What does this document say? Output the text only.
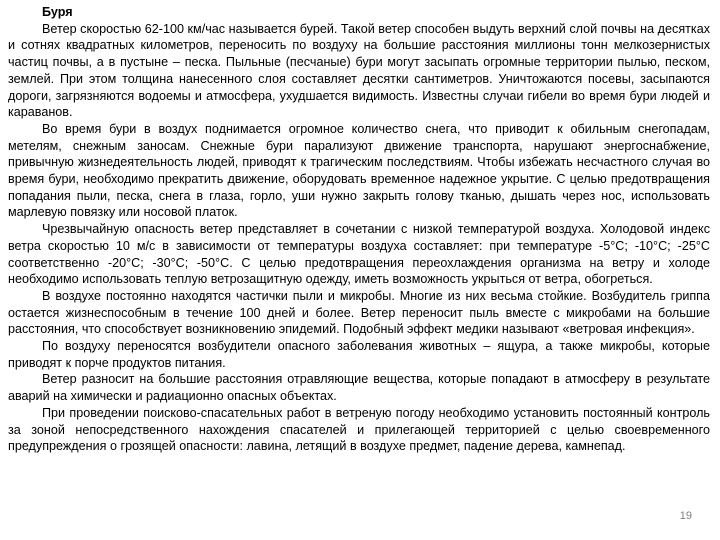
Буря

Ветер скоростью 62-100 км/час называется бурей. Такой ветер способен выдуть верхний слой почвы на десятках и сотнях квадратных километров, переносить по воздуху на большие расстояния миллионы тонн мелкозернистых частиц почвы, а в пустыне – песка. Пыльные (песчаные) бури могут засыпать огромные территории пылью, песком, землей. При этом толщина нанесенного слоя составляет десятки сантиметров. Уничтожаются посевы, засыпаются дороги, загрязняются водоемы и атмосфера, ухудшается видимость. Известны случаи гибели во время бури людей и караванов.

Во время бури в воздух поднимается огромное количество снега, что приводит к обильным снегопадам, метелям, снежным заносам. Снежные бури парализуют движение транспорта, нарушают энергоснабжение, привычную жизнедеятельность людей, приводят к трагическим последствиям. Чтобы избежать несчастного случая во время бури, необходимо прекратить движение, оборудовать временное надежное укрытие. С целью предотвращения попадания пыли, песка, снега в глаза, горло, уши нужно закрыть голову тканью, дышать через нос, использовать марлевую повязку или носовой платок.

Чрезвычайную опасность ветер представляет в сочетании с низкой температурой воздуха. Холодовой индекс ветра скоростью 10 м/с в зависимости от температуры воздуха составляет: при температуре -5°С; -10°С; -25°С соответственно -20°С; -30°С; -50°С. С целью предотвращения переохлаждения организма на ветру и холоде необходимо использовать теплую ветрозащитную одежду, иметь возможность укрыться от ветра, обогреться.

В воздухе постоянно находятся частички пыли и микробы. Многие из них весьма стойкие. Возбудитель гриппа остается жизнеспособным в течение 100 дней и более. Ветер переносит пыль вместе с микробами на большие расстояния, что способствует возникновению эпидемий. Подобный эффект медики называют «ветровая инфекция».

По воздуху переносятся возбудители опасного заболевания животных – ящура, а также микробы, которые приводят к порче продуктов питания.

Ветер разносит на большие расстояния отравляющие вещества, которые попадают в атмосферу в результате аварий на химически и радиационно опасных объектах.

При проведении поисково-спасательных работ в ветреную погоду необходимо установить постоянный контроль за зоной непосредственного нахождения спасателей и прилегающей территорией с целью своевременного предупреждения о грозящей опасности: лавина, летящий в воздухе предмет, падение дерева, камнепад.

19
